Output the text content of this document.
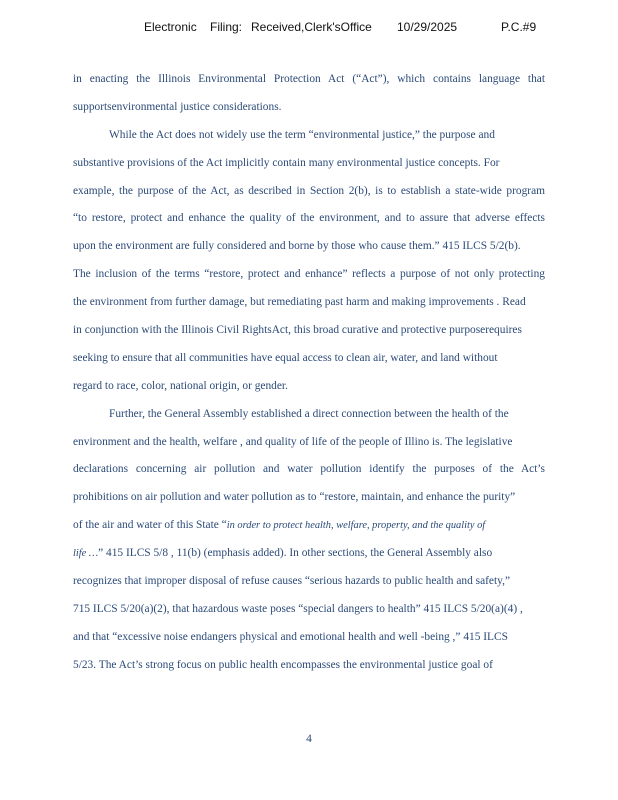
Electronic Filing: Received,Clerk'sOffice 10/29/2025	P.C.#9
in enacting the Illinois Environmental Protection Act (“Act”), which contains language that
supportsenvironmental justice considerations.
While the Act does not widely use the term “environmental justice,” the purpose and
substantive provisions of the Act implicitly contain many environmental justice concepts. For
example, the purpose of the Act, as described in Section 2(b), is to establish a state-wide program
“to restore, protect and enhance the quality of the environment, and to assure that adverse effects
upon the environment are fully considered and borne by those who cause them.” 415 ILCS 5/2(b).
The inclusion of the terms “restore, protect and enhance” reflects a purpose of not only protecting
the environment from further damage, but remediating past harm and making improvements . Read
in conjunction with the Illinois Civil RightsAct, this broad curative and protective purposerequires
seeking to ensure that all communities have equal access to clean air, water, and land without
regard to race, color, national origin, or gender.
Further, the General Assembly established a direct connection between the health of the
environment and the health, welfare , and quality of life of the people of Illino is. The legislative
declarations concerning air pollution and water pollution identify the purposes of the Act’s
prohibitions on air pollution and water pollution as to “restore, maintain, and enhance the purity”
of the air and water of this State “in order to protect health, welfare, property, and the quality of
life …” 415 ILCS 5/8 , 11(b) (emphasis added). In other sections, the General Assembly also
recognizes that improper disposal of refuse causes “serious hazards to public health and safety,”
715 ILCS 5/20(a)(2), that hazardous waste poses “special dangers to health” 415 ILCS 5/20(a)(4) ,
and that “excessive noise endangers physical and emotional health and well -being ,” 415 ILCS
5/23. The Act’s strong focus on public health encompasses the environmental justice goal of
4
